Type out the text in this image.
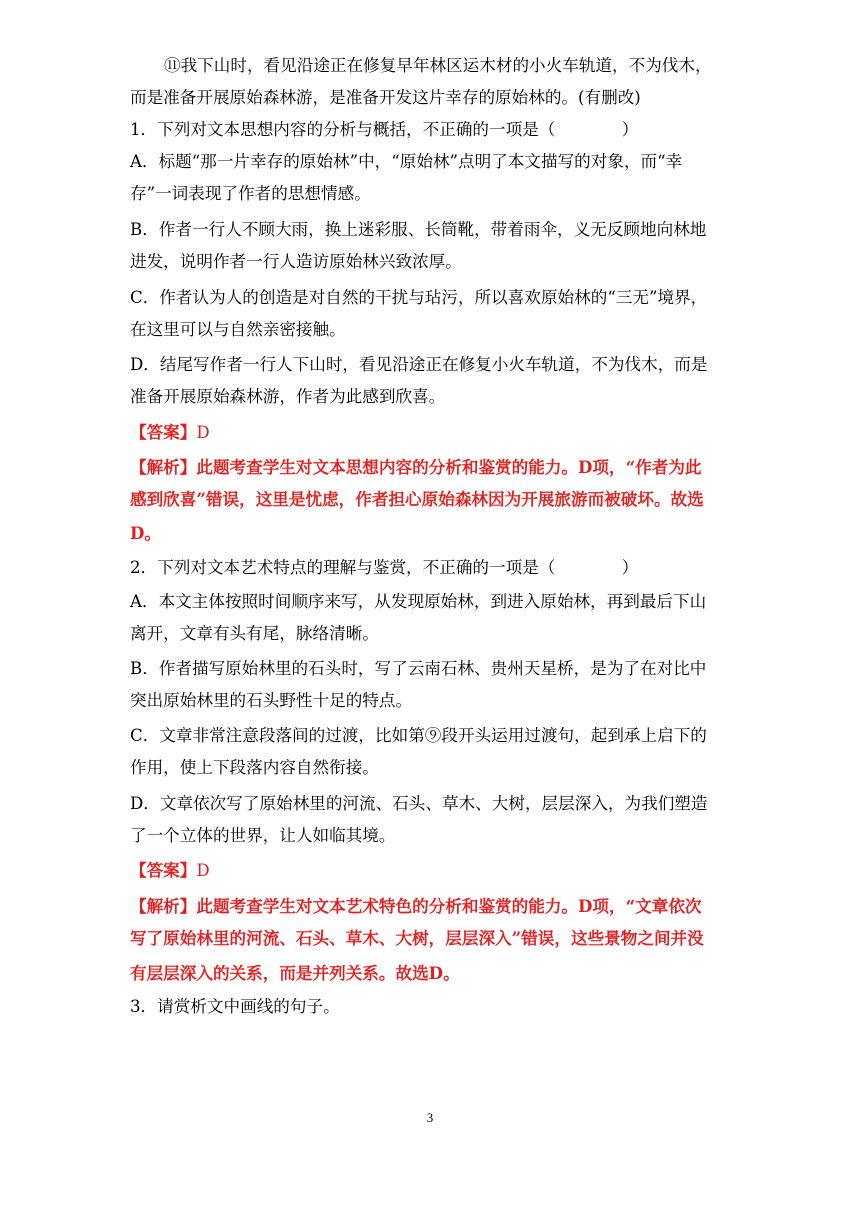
⑪我下山时，看见沿途正在修复早年林区运木材的小火车轨道，不为伐木，
而是准备开展原始森林游，是准备开发这片幸存的原始林的。(有删改)
1．下列对文本思想内容的分析与概括，不正确的一项是（　　　　）
A．标题“那一片幸存的原始林”中，“原始林”点明了本文描写的对象，而“幸
存”一词表现了作者的思想情感。
B．作者一行人不顾大雨，换上迷彩服、长筒靴，带着雨伞，义无反顾地向林地
进发，说明作者一行人造访原始林兴致浓厚。
C．作者认为人的创造是对自然的干扰与玷污，所以喜欢原始林的“三无”境界，
在这里可以与自然亲密接触。
D．结尾写作者一行人下山时，看见沿途正在修复小火车轨道，不为伐木，而是
准备开展原始森林游，作者为此感到欣喜。
【答案】D
【解析】此题考查学生对文本思想内容的分析和鉴赏的能力。D项，“作者为此
感到欣喜”错误，这里是忧虑，作者担心原始森林因为开展旅游而被破坏。故选
D。
2．下列对文本艺术特点的理解与鉴赏，不正确的一项是（　　　　）
A．本文主体按照时间顺序来写，从发现原始林，到进入原始林，再到最后下山
离开，文章有头有尾，脉络清晰。
B．作者描写原始林里的石头时，写了云南石林、贵州天星桥，是为了在对比中
突出原始林里的石头野性十足的特点。
C．文章非常注意段落间的过渡，比如第⑨段开头运用过渡句，起到承上启下的
作用，使上下段落内容自然衔接。
D．文章依次写了原始林里的河流、石头、草木、大树，层层深入，为我们塑造
了一个立体的世界，让人如临其境。
【答案】D
【解析】此题考查学生对文本艺术特色的分析和鉴赏的能力。D项，“文章依次
写了原始林里的河流、石头、草木、大树，层层深入”错误，这些景物之间并没
有层层深入的关系，而是并列关系。故选D。
3．请赏析文中画线的句子。
3
